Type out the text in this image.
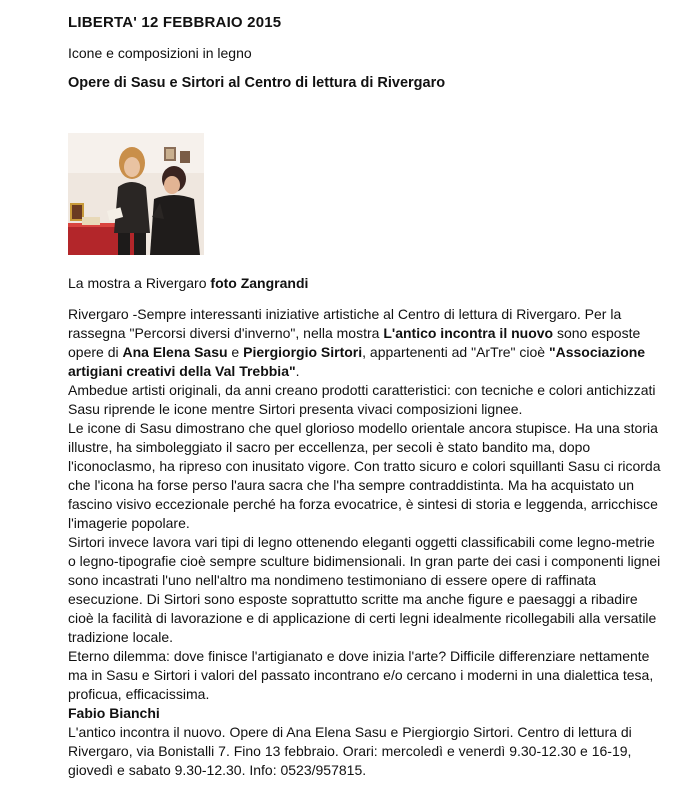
LIBERTA' 12 FEBBRAIO 2015
Icone e composizioni in legno
Opere di Sasu e Sirtori al Centro di lettura di Rivergaro
La mostra a Rivergaro foto Zangrandi

Rivergaro -Sempre interessanti iniziative artistiche al Centro di lettura di Rivergaro. Per la rassegna "Percorsi diversi d'inverno", nella mostra L'antico incontra il nuovo sono esposte opere di Ana Elena Sasu e Piergiorgio Sirtori, appartenenti ad "ArTre" cioè "Associazione artigiani creativi della Val Trebbia".

Ambedue artisti originali, da anni creano prodotti caratteristici: con tecniche e colori antichizzati Sasu riprende le icone mentre Sirtori presenta vivaci composizioni lignee.

Le icone di Sasu dimostrano che quel glorioso modello orientale ancora stupisce. Ha una storia illustre, ha simboleggiato il sacro per eccellenza, per secoli è stato bandito ma, dopo l'iconoclasmo, ha ripreso con inusitato vigore. Con tratto sicuro e colori squillanti Sasu ci ricorda che l'icona ha forse perso l'aura sacra che l'ha sempre contraddistinta. Ma ha acquistato un fascino visivo eccezionale perché ha forza evocatrice, è sintesi di storia e leggenda, arricchisce l'imagerie popolare.

Sirtori invece lavora vari tipi di legno ottenendo eleganti oggetti classificabili come legno-metrie o legno-tipografie cioè sempre sculture bidimensionali. In gran parte dei casi i componenti lignei sono incastrati l'uno nell'altro ma nondimeno testimoniano di essere opere di raffinata esecuzione. Di Sirtori sono esposte soprattutto scritte ma anche figure e paesaggi a ribadire cioè la facilità di lavorazione e di applicazione di certi legni idealmente ricollegabili alla versatile tradizione locale.

Eterno dilemma: dove finisce l'artigianato e dove inizia l'arte? Difficile differenziare nettamente ma in Sasu e Sirtori i valori del passato incontrano e/o cercano i moderni in una dialettica tesa, proficua, efficacissima.

Fabio Bianchi
L'antico incontra il nuovo. Opere di Ana Elena Sasu e Piergiorgio Sirtori. Centro di lettura di Rivergaro, via Bonistalli 7. Fino 13 febbraio. Orari: mercoledì e venerdì 9.30-12.30 e 16-19, giovedì e sabato 9.30-12.30. Info: 0523/957815.
